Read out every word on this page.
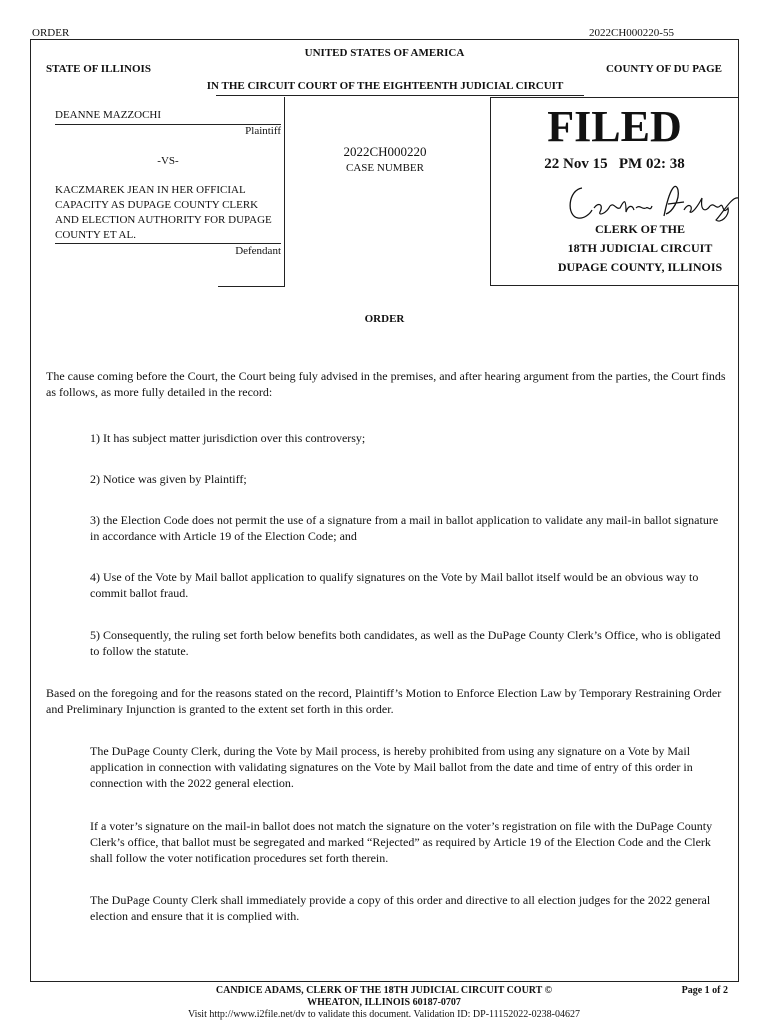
ORDER	2022CH000220-55
UNITED STATES OF AMERICA
STATE OF ILLINOIS	COUNTY OF DU PAGE
IN THE CIRCUIT COURT OF THE EIGHTEENTH JUDICIAL CIRCUIT
DEANNE MAZZOCHI
Plaintiff
-VS-
KACZMAREK JEAN IN HER OFFICIAL
CAPACITY AS DUPAGE COUNTY CLERK
AND ELECTION AUTHORITY FOR DUPAGE
COUNTY ET AL.
Defendant
2022CH000220
CASE NUMBER
FILED
22 Nov 15 PM 02: 38
CLERK OF THE
18TH JUDICIAL CIRCUIT
DUPAGE COUNTY, ILLINOIS
ORDER
The cause coming before the Court, the Court being fuly advised in the premises, and after hearing argument from the parties, the Court finds as follows, as more fully detailed in the record:
1) It has subject matter jurisdiction over this controversy;
2) Notice was given by Plaintiff;
3) the Election Code does not permit the use of a signature from a mail in ballot application to validate any mail-in ballot signature in accordance with Article 19 of the Election Code; and
4) Use of the Vote by Mail ballot application to qualify signatures on the Vote by Mail ballot itself would be an obvious way to commit ballot fraud.
5) Consequently, the ruling set forth below benefits both candidates, as well as the DuPage County Clerk’s Office, who is obligated to follow the statute.
Based on the foregoing and for the reasons stated on the record, Plaintiff’s Motion to Enforce Election Law by Temporary Restraining Order and Preliminary Injunction is granted to the extent set forth in this order.
The DuPage County Clerk, during the Vote by Mail process, is hereby prohibited from using any signature on a Vote by Mail application in connection with validating signatures on the Vote by Mail ballot from the date and time of entry of this order in connection with the 2022 general election.
If a voter’s signature on the mail-in ballot does not match the signature on the voter’s registration on file with the DuPage County Clerk’s office, that ballot must be segregated and marked “Rejected” as required by Article 19 of the Election Code and the Clerk shall follow the voter notification procedures set forth therein.
The DuPage County Clerk shall immediately provide a copy of this order and directive to all election judges for the 2022 general election and ensure that it is complied with.
CANDICE ADAMS, CLERK OF THE 18TH JUDICIAL CIRCUIT COURT ©
WHEATON, ILLINOIS 60187-0707
Page 1 of 2
Visit http://www.i2file.net/dv to validate this document. Validation ID: DP-11152022-0238-04627
